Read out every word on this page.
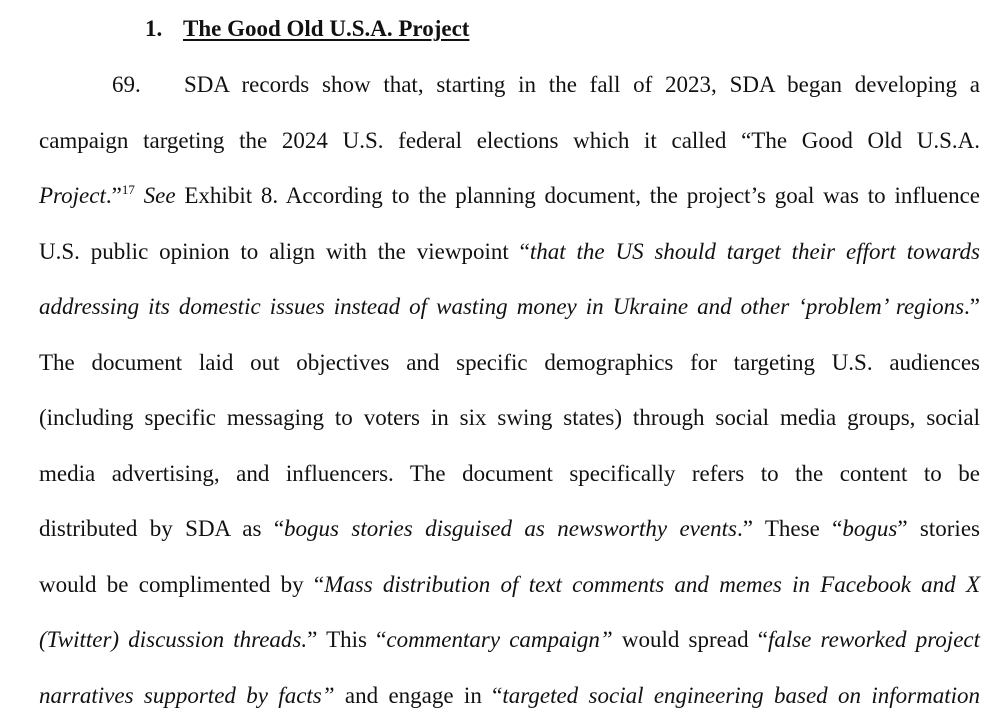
1. The Good Old U.S.A. Project
69. SDA records show that, starting in the fall of 2023, SDA began developing a
campaign targeting the 2024 U.S. federal elections which it called “The Good Old U.S.A.
Project.”$^{17}$ See Exhibit 8. According to the planning document, the project’s goal was to influence
U.S. public opinion to align with the viewpoint “that the US should target their effort towards
addressing its domestic issues instead of wasting money in Ukraine and other ‘problem’ regions.”
The document laid out objectives and specific demographics for targeting U.S. audiences
(including specific messaging to voters in six swing states) through social media groups, social
media advertising, and influencers. The document specifically refers to the content to be
distributed by SDA as “bogus stories disguised as newsworthy events.” These “bogus” stories
would be complimented by “Mass distribution of text comments and memes in Facebook and X
(Twitter) discussion threads.” This “commentary campaign” would spread “false reworked project
narratives supported by facts” and engage in “targeted social engineering based on information
